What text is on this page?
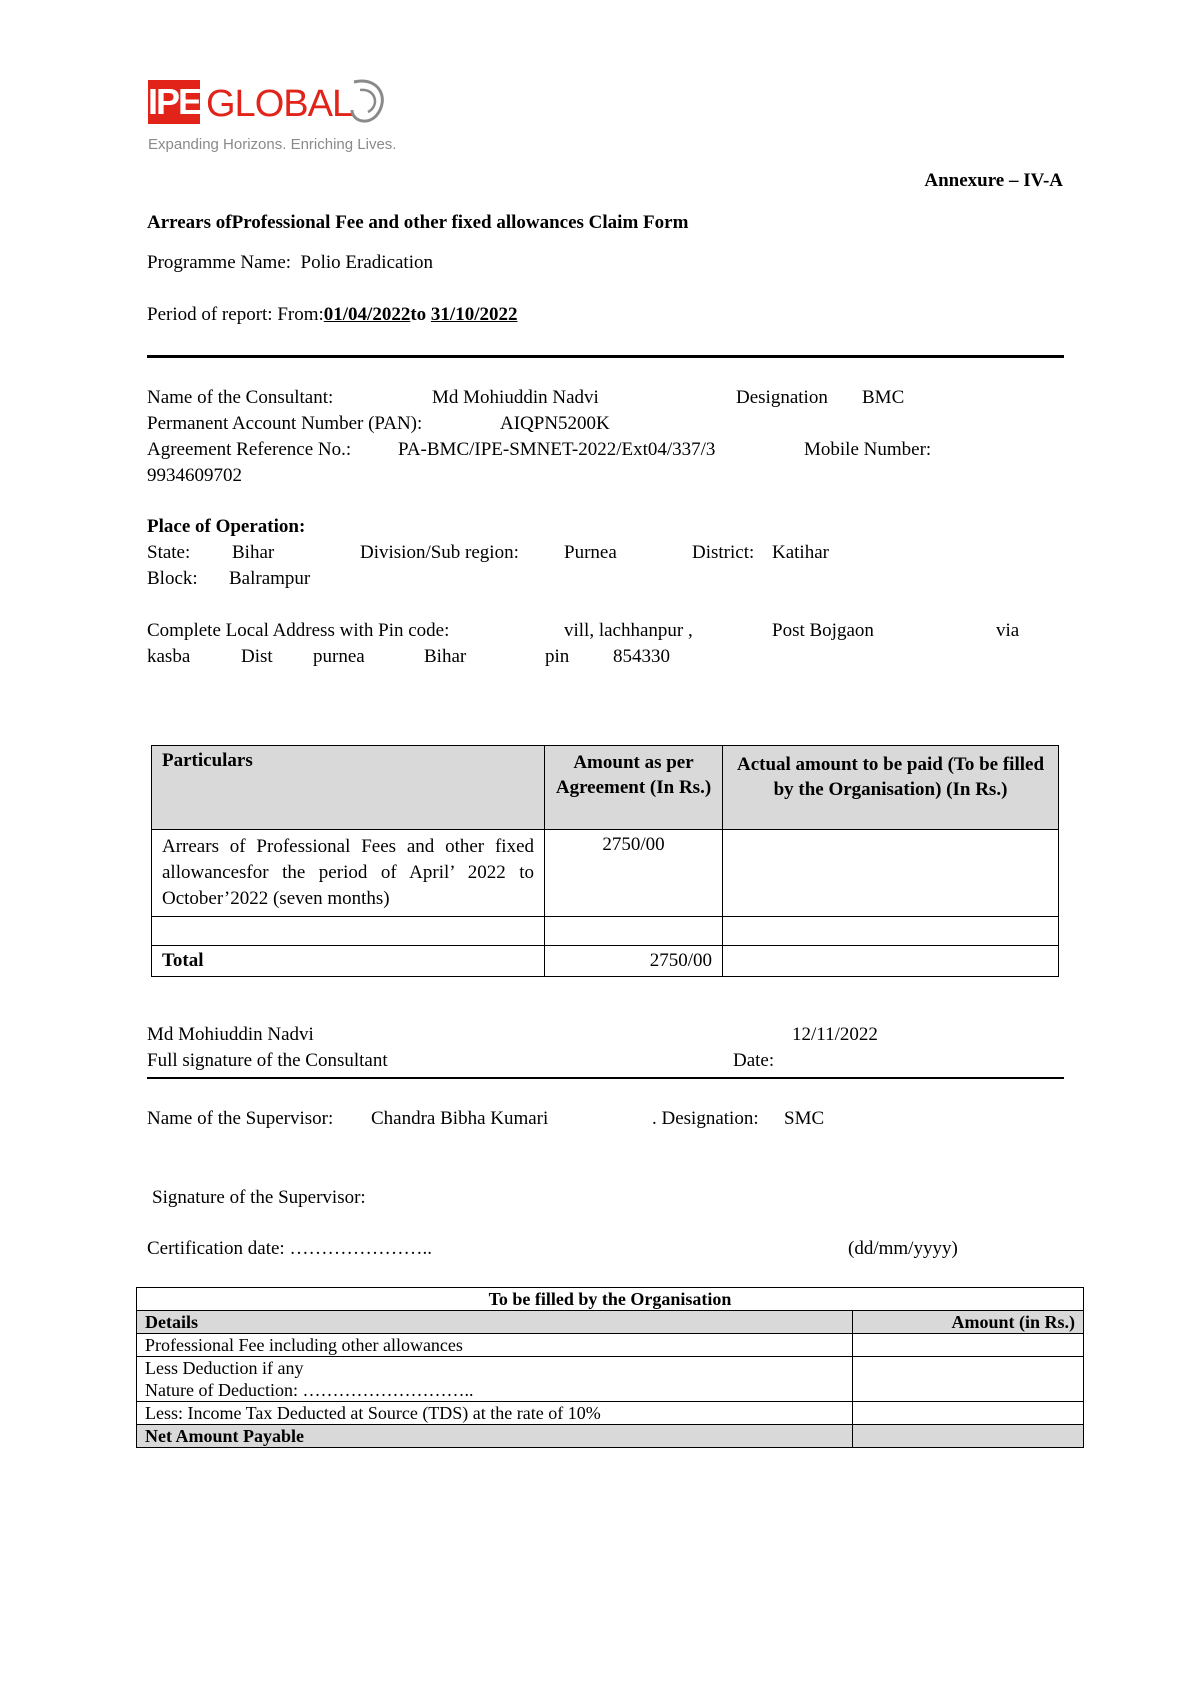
IPE GLOBAL
Expanding Horizons. Enriching Lives.
Annexure – IV-A
Arrears ofProfessional Fee and other fixed allowances Claim Form
Programme Name: Polio Eradication
Period of report: From:01/04/2022to 31/10/2022
Name of the Consultant:	Md Mohiuddin Nadvi	Designation BMC
Permanent Account Number (PAN):	AIQPN5200K
Agreement Reference No.: PA-BMC/IPE-SMNET-2022/Ext04/337/3	Mobile Number:
9934609702
Place of Operation:
State: Bihar	Division/Sub region: Purnea	District: Katihar
Block: Balrampur
Complete Local Address with Pin code:	vill, lachhanpur ,	Post Bojgaon	via
kasba	Dist purnea	Bihar	pin 854330
Particulars	Amount as per Agreement (In Rs.)	Actual amount to be paid (To be filled by the Organisation) (In Rs.)
Arrears of Professional Fees and other fixed allowancesfor the period of April’ 2022 to October’2022 (seven months)	2750/00	

Total	2750/00	
Md Mohiuddin Nadvi	12/11/2022
Full signature of the Consultant	Date:
Name of the Supervisor: Chandra Bibha Kumari	. Designation: SMC
Signature of the Supervisor:
Certification date: …………………..	(dd/mm/yyyy)
To be filled by the Organisation	
Details	Amount (in Rs.)
Professional Fee including other allowances	

Less Deduction if any
Nature of Deduction: ………………………..	

Less: Income Tax Deducted at Source (TDS) at the rate of 10%	
Net Amount Payable	
